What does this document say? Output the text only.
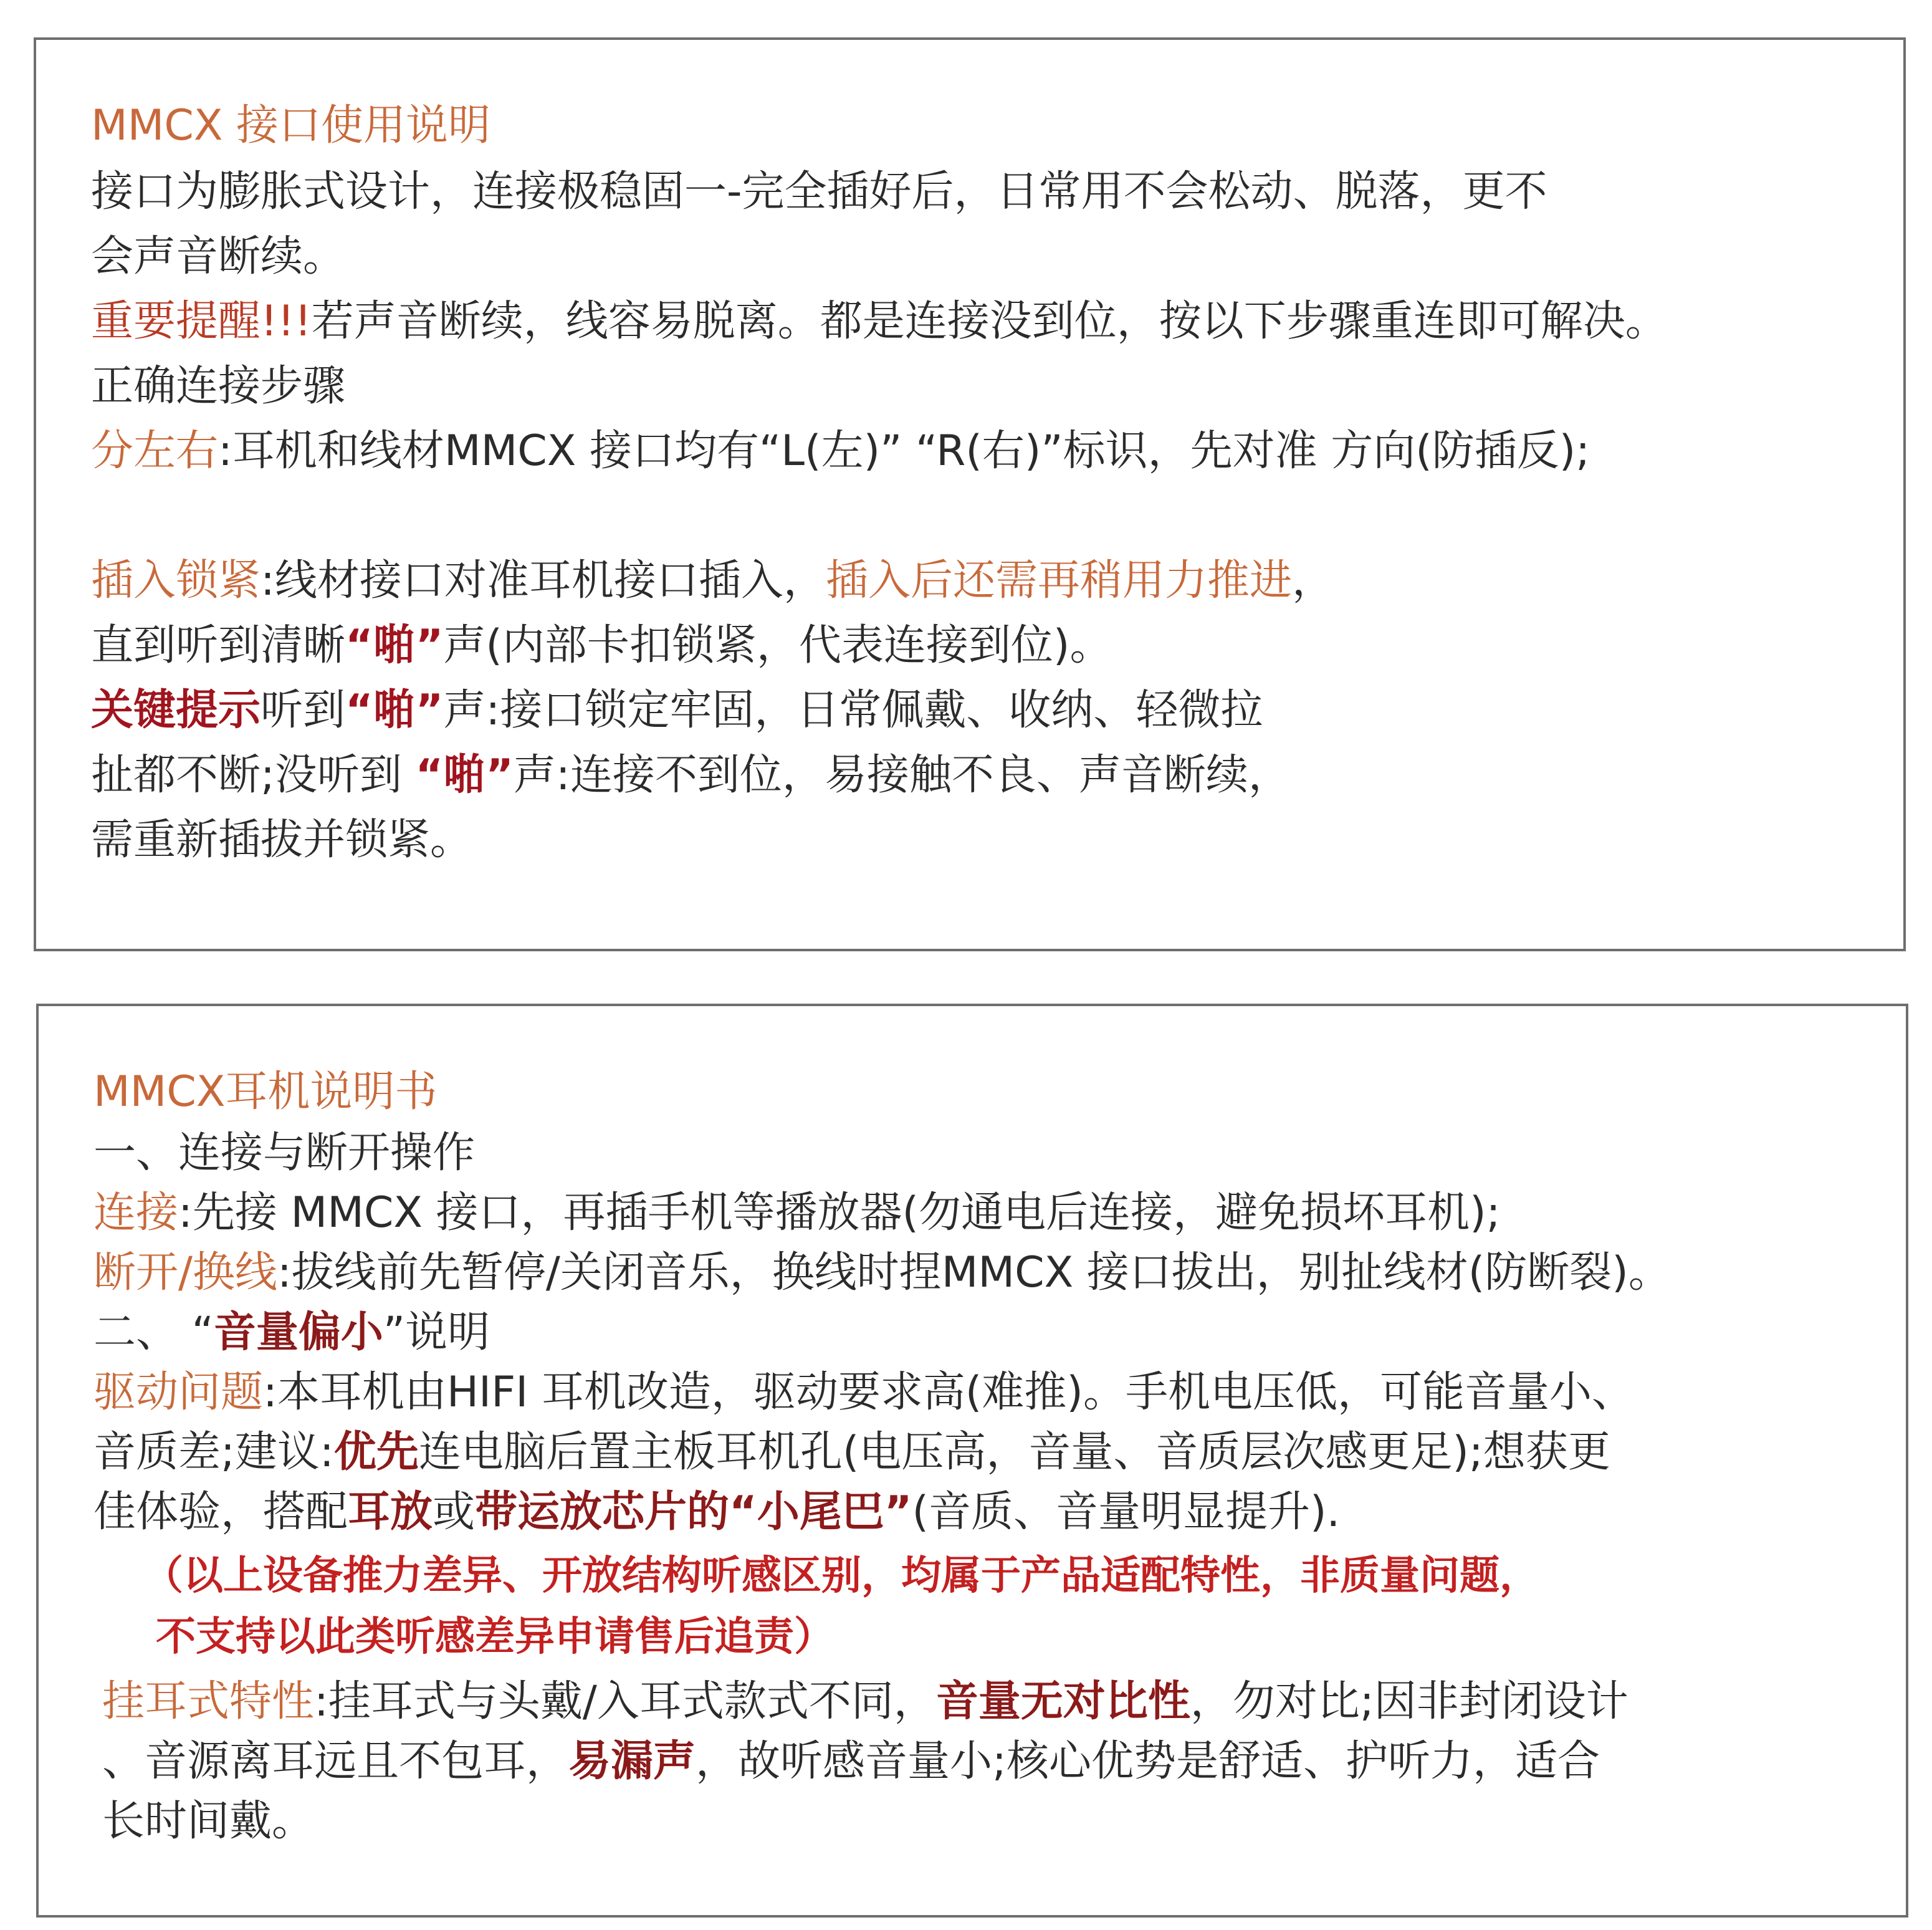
MMCX 接口使用说明
接口为膨胀式设计，连接极稳固一-完全插好后，日常用不会松动、脱落，更不
会声音断续。
重要提醒!!!若声音断续，线容易脱离。都是连接没到位，按以下步骤重连即可解决。
正确连接步骤
分左右:耳机和线材MMCX 接口均有“L(左)” “R(右)”标识，先对准 方向(防插反);
插入锁紧:线材接口对准耳机接口插入，插入后还需再稍用力推进，
直到听到清晰“啪”声(内部卡扣锁紧，代表连接到位)。
关键提示听到“啪”声:接口锁定牢固，日常佩戴、收纳、轻微拉
扯都不断;没听到 “啪”声:连接不到位，易接触不良、声音断续，
需重新插拔并锁紧。
MMCX耳机说明书
一、连接与断开操作
连接:先接 MMCX 接口，再插手机等播放器(勿通电后连接，避免损坏耳机);
断开/换线:拔线前先暂停/关闭音乐，换线时捏MMCX 接口拔出，别扯线材(防断裂)。
二、 “音量偏小”说明
驱动问题:本耳机由HIFI 耳机改造，驱动要求高(难推)。手机电压低，可能音量小、
音质差;建议:优先连电脑后置主板耳机孔(电压高，音量、音质层次感更足);想获更
佳体验，搭配耳放或带运放芯片的“小尾巴”(音质、音量明显提升).
（以上设备推力差异、开放结构听感区别，均属于产品适配特性，非质量问题，
不支持以此类听感差异申请售后追责）
挂耳式特性:挂耳式与头戴/入耳式款式不同，音量无对比性，勿对比;因非封闭设计
、音源离耳远且不包耳，易漏声，故听感音量小;核心优势是舒适、护听力，适合
长时间戴。
